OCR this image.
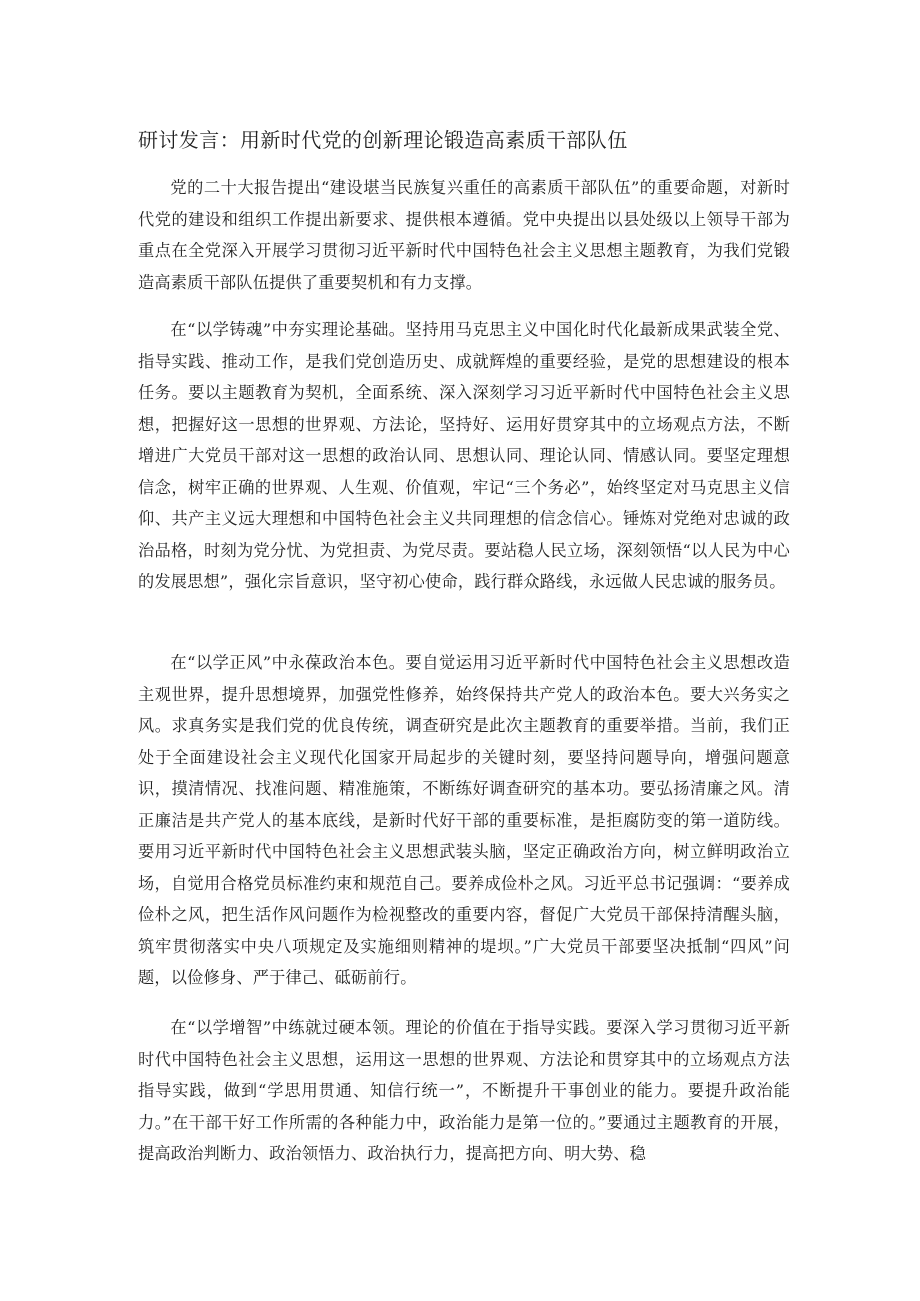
研讨发言：用新时代党的创新理论锻造高素质干部队伍

党的二十大报告提出“建设堪当民族复兴重任的高素质干部队伍”的重要命题，对新时代党的建设和组织工作提出新要求、提供根本遵循。党中央提出以县处级以上领导干部为重点在全党深入开展学习贯彻习近平新时代中国特色社会主义思想主题教育，为我们党锻造高素质干部队伍提供了重要契机和有力支撑。

在“以学铸魂”中夯实理论基础。坚持用马克思主义中国化时代化最新成果武装全党、指导实践、推动工作，是我们党创造历史、成就辉煌的重要经验，是党的思想建设的根本任务。要以主题教育为契机，全面系统、深入深刻学习习近平新时代中国特色社会主义思想，把握好这一思想的世界观、方法论，坚持好、运用好贯穿其中的立场观点方法，不断增进广大党员干部对这一思想的政治认同、思想认同、理论认同、情感认同。要坚定理想信念，树牢正确的世界观、人生观、价值观，牢记“三个务必”，始终坚定对马克思主义信仰、共产主义远大理想和中国特色社会主义共同理想的信念信心。锤炼对党绝对忠诚的政治品格，时刻为党分忧、为党担责、为党尽责。要站稳人民立场，深刻领悟“以人民为中心的发展思想”，强化宗旨意识，坚守初心使命，践行群众路线，永远做人民忠诚的服务员。

在“以学正风”中永葆政治本色。要自觉运用习近平新时代中国特色社会主义思想改造主观世界，提升思想境界，加强党性修养，始终保持共产党人的政治本色。要大兴务实之风。求真务实是我们党的优良传统，调查研究是此次主题教育的重要举措。当前，我们正处于全面建设社会主义现代化国家开局起步的关键时刻，要坚持问题导向，增强问题意识，摸清情况、找准问题、精准施策，不断练好调查研究的基本功。要弘扬清廉之风。清正廉洁是共产党人的基本底线，是新时代好干部的重要标准，是拒腐防变的第一道防线。要用习近平新时代中国特色社会主义思想武装头脑，坚定正确政治方向，树立鲜明政治立场，自觉用合格党员标准约束和规范自己。要养成俭朴之风。习近平总书记强调：“要养成俭朴之风，把生活作风问题作为检视整改的重要内容，督促广大党员干部保持清醒头脑，筑牢贯彻落实中央八项规定及实施细则精神的堤坝。”广大党员干部要坚决抵制“四风”问题，以俭修身、严于律己、砥砺前行。

在“以学增智”中练就过硬本领。理论的价值在于指导实践。要深入学习贯彻习近平新时代中国特色社会主义思想，运用这一思想的世界观、方法论和贯穿其中的立场观点方法指导实践，做到“学思用贯通、知信行统一”，不断提升干事创业的能力。要提升政治能力。”在干部干好工作所需的各种能力中，政治能力是第一位的。”要通过主题教育的开展，提高政治判断力、政治领悟力、政治执行力，提高把方向、明大势、稳
